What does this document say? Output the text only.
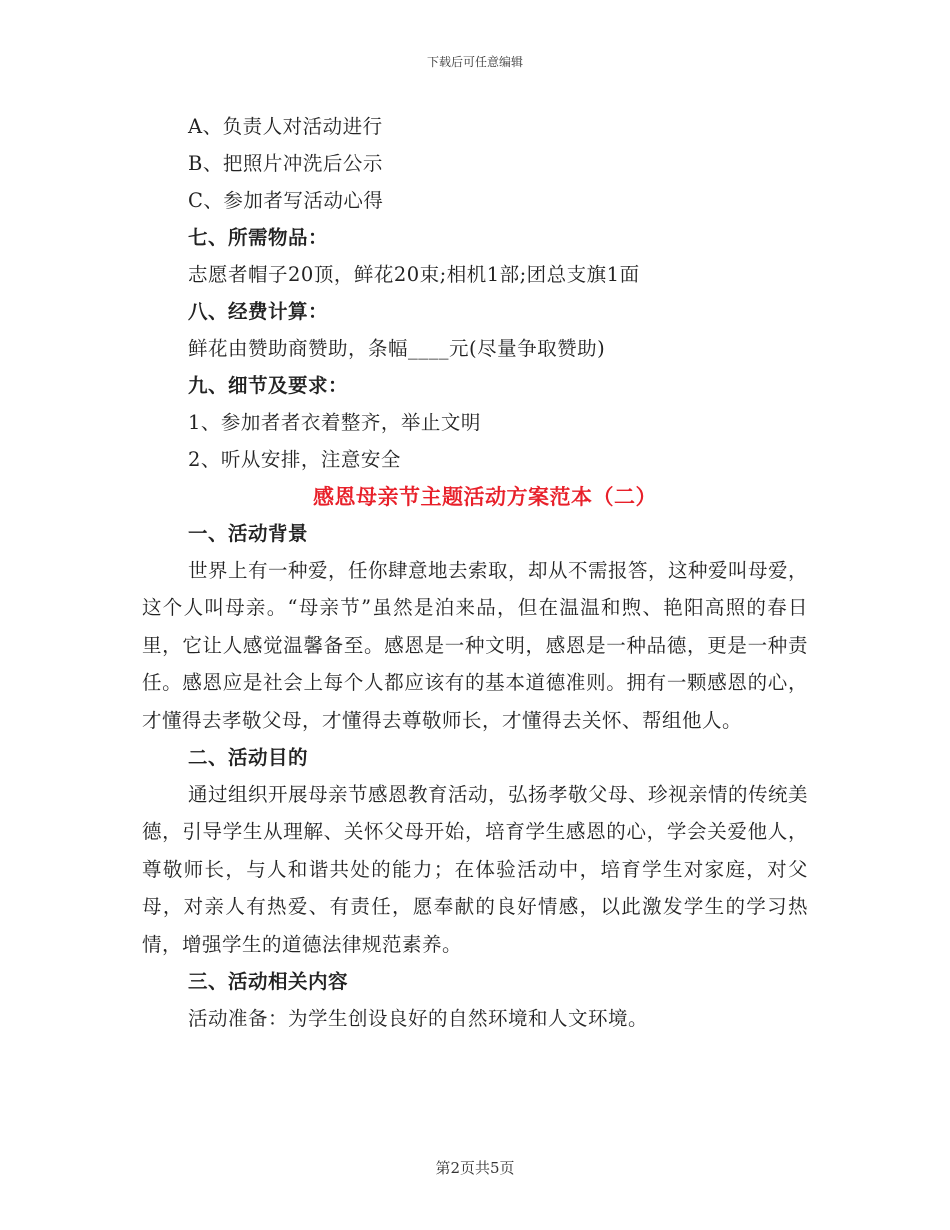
下载后可任意编辑
A、负责人对活动进行
B、把照片冲洗后公示
C、参加者写活动心得
七、所需物品：
志愿者帽子20顶，鲜花20束;相机1部;团总支旗1面
八、经费计算：
鲜花由赞助商赞助，条幅____元(尽量争取赞助)
九、细节及要求：
1、参加者者衣着整齐，举止文明
2、听从安排，注意安全
感恩母亲节主题活动方案范本（二）
一、活动背景
世界上有一种爱，任你肆意地去索取，却从不需报答，这种爱叫母爱，这个人叫母亲。“母亲节”虽然是泊来品，但在温温和煦、艳阳高照的春日里，它让人感觉温馨备至。感恩是一种文明，感恩是一种品德，更是一种责任。感恩应是社会上每个人都应该有的基本道德准则。拥有一颗感恩的心，才懂得去孝敬父母，才懂得去尊敬师长，才懂得去关怀、帮组他人。
二、活动目的
通过组织开展母亲节感恩教育活动，弘扬孝敬父母、珍视亲情的传统美德，引导学生从理解、关怀父母开始，培育学生感恩的心，学会关爱他人，尊敬师长，与人和谐共处的能力；在体验活动中，培育学生对家庭，对父母，对亲人有热爱、有责任，愿奉献的良好情感，以此激发学生的学习热情，增强学生的道德法律规范素养。
三、活动相关内容
活动准备：为学生创设良好的自然环境和人文环境。
第2页共5页
